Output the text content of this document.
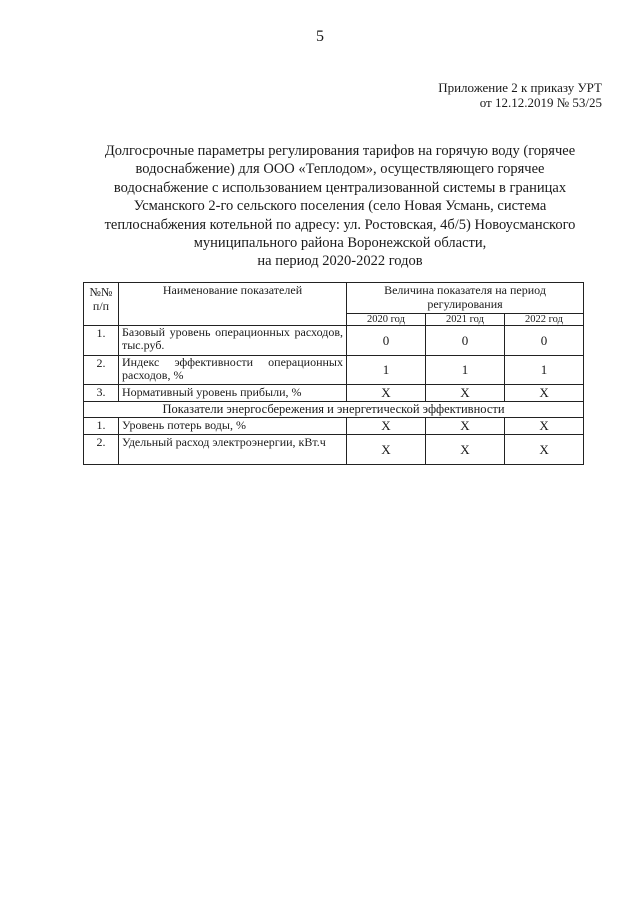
5
Приложение 2 к приказу УРТ
от 12.12.2019 № 53/25
Долгосрочные параметры регулирования тарифов на горячую воду (горячее
водоснабжение) для ООО «Теплодом», осуществляющего горячее
водоснабжение с использованием централизованной системы в границах
Усманского 2-го сельского поселения (село Новая Усмань, система
теплоснабжения котельной по адресу: ул. Ростовская, 4б/5) Новоусманского
муниципального района Воронежской области,
на период 2020-2022 годов
№№ п/п	Наименование показателей	Величина показателя на период регулирования		
		2020 год	2021 год	2022 год
1.	Базовый уровень операционных расходов, тыс.руб.	0	0	0
2.	Индекс эффективности операционных расходов, %	1	1	1
3.	Нормативный уровень прибыли, %	X	X	X
Показатели энергосбережения и энергетической эффективности				
1.	Уровень потерь воды, %	X	X	X
2.	Удельный расход электроэнергии, кВт.ч	X	X	X
